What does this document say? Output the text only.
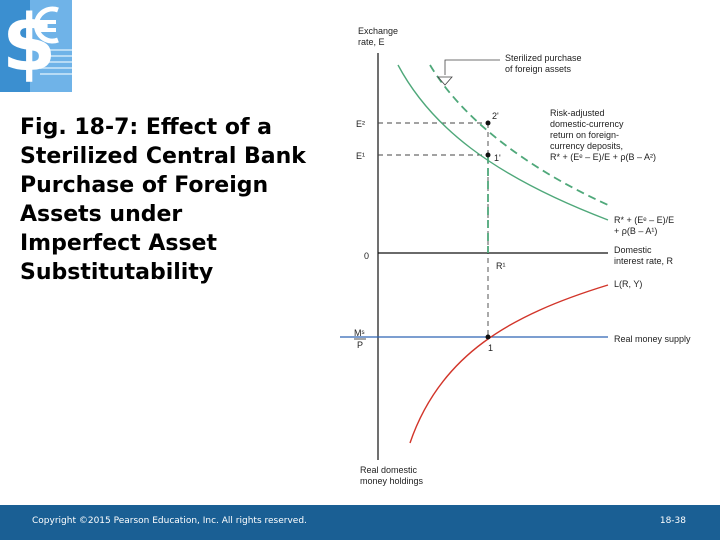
$
Fig. 18-7: Effect of a
Sterilized Central Bank
Purchase of Foreign
Assets under
Imperfect Asset
Substitutability
Exchange
rate, E
E²
E¹
0
Mˢ
P
2'
1'
R¹
1
Sterilized purchase
of foreign assets
Risk-adjusted
domestic-currency
return on foreign-
currency deposits,
R* + (Eᵉ – E)/E + ρ(B – A²)
R* + (Eᵉ – E)/E
+ ρ(B – A¹)
Domestic
interest rate, R
L(R, Y)
Real money supply
Real domestic
money holdings
Copyright ©2015 Pearson Education, Inc. All rights reserved.	18-38
